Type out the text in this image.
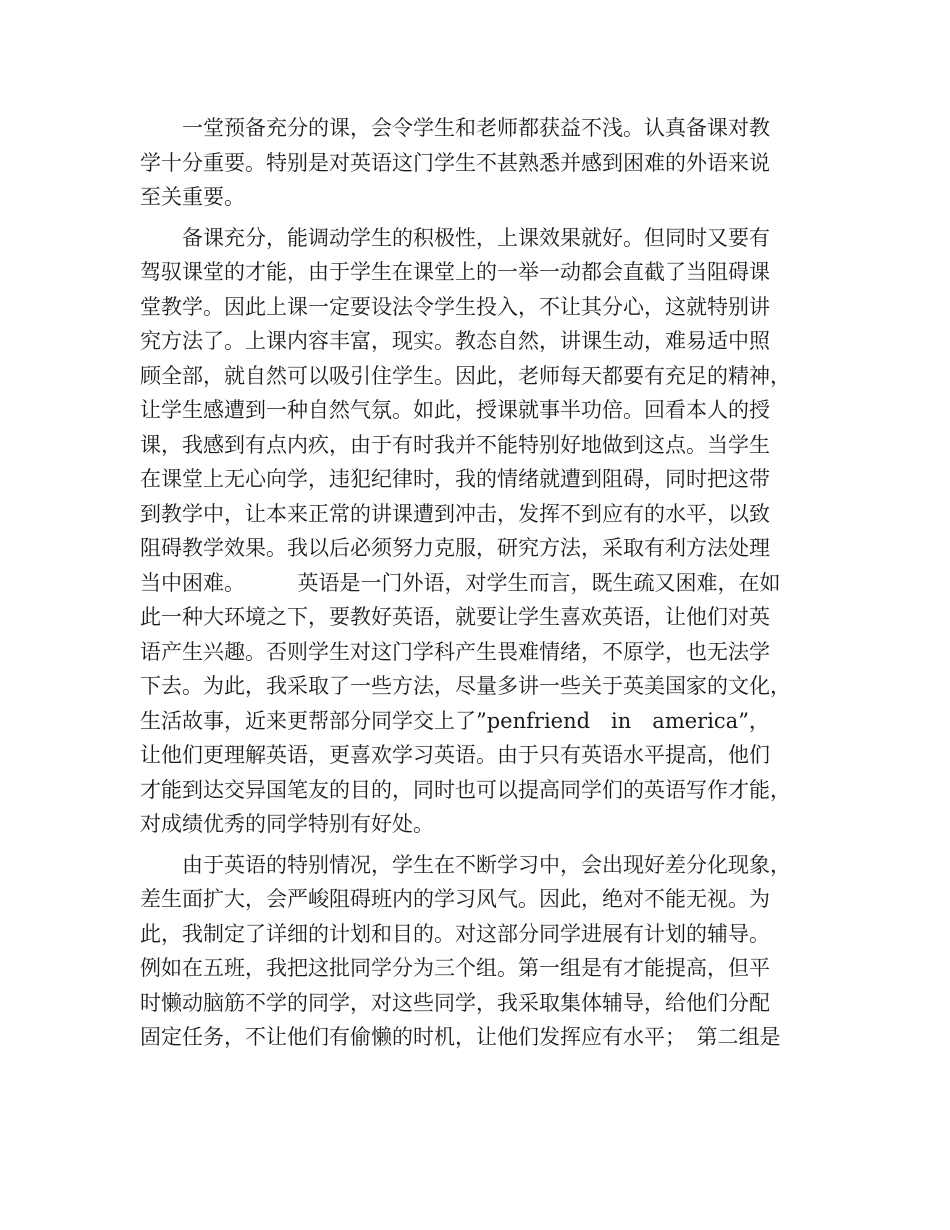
　　一堂预备充分的课，会令学生和老师都获益不浅。认真备课对教
学十分重要。特别是对英语这门学生不甚熟悉并感到困难的外语来说
至关重要。
　　备课充分，能调动学生的积极性，上课效果就好。但同时又要有
驾驭课堂的才能，由于学生在课堂上的一举一动都会直截了当阻碍课
堂教学。因此上课一定要设法令学生投入，不让其分心，这就特别讲
究方法了。上课内容丰富，现实。教态自然，讲课生动，难易适中照
顾全部，就自然可以吸引住学生。因此，老师每天都要有充足的精神，
让学生感遭到一种自然气氛。如此，授课就事半功倍。回看本人的授
课，我感到有点内疚，由于有时我并不能特别好地做到这点。当学生
在课堂上无心向学，违犯纪律时，我的情绪就遭到阻碍，同时把这带
到教学中，让本来正常的讲课遭到冲击，发挥不到应有的水平，以致
阻碍教学效果。我以后必须努力克服，研究方法，采取有利方法处理
当中困难。　　　英语是一门外语，对学生而言，既生疏又困难，在如
此一种大环境之下，要教好英语，就要让学生喜欢英语，让他们对英
语产生兴趣。否则学生对这门学科产生畏难情绪，不原学，也无法学
下去。为此，我采取了一些方法，尽量多讲一些关于英美国家的文化，
生活故事，近来更帮部分同学交上了”penfriend　in　america”，
让他们更理解英语，更喜欢学习英语。由于只有英语水平提高，他们
才能到达交异国笔友的目的，同时也可以提高同学们的英语写作才能，
对成绩优秀的同学特别有好处。
　　由于英语的特别情况，学生在不断学习中，会出现好差分化现象，
差生面扩大，会严峻阻碍班内的学习风气。因此，绝对不能无视。为
此，我制定了详细的计划和目的。对这部分同学进展有计划的辅导。
例如在五班，我把这批同学分为三个组。第一组是有才能提高，但平
时懒动脑筋不学的同学，对这些同学，我采取集体辅导，给他们分配
固定任务，不让他们有偷懒的时机，让他们发挥应有水平；　第二组是
